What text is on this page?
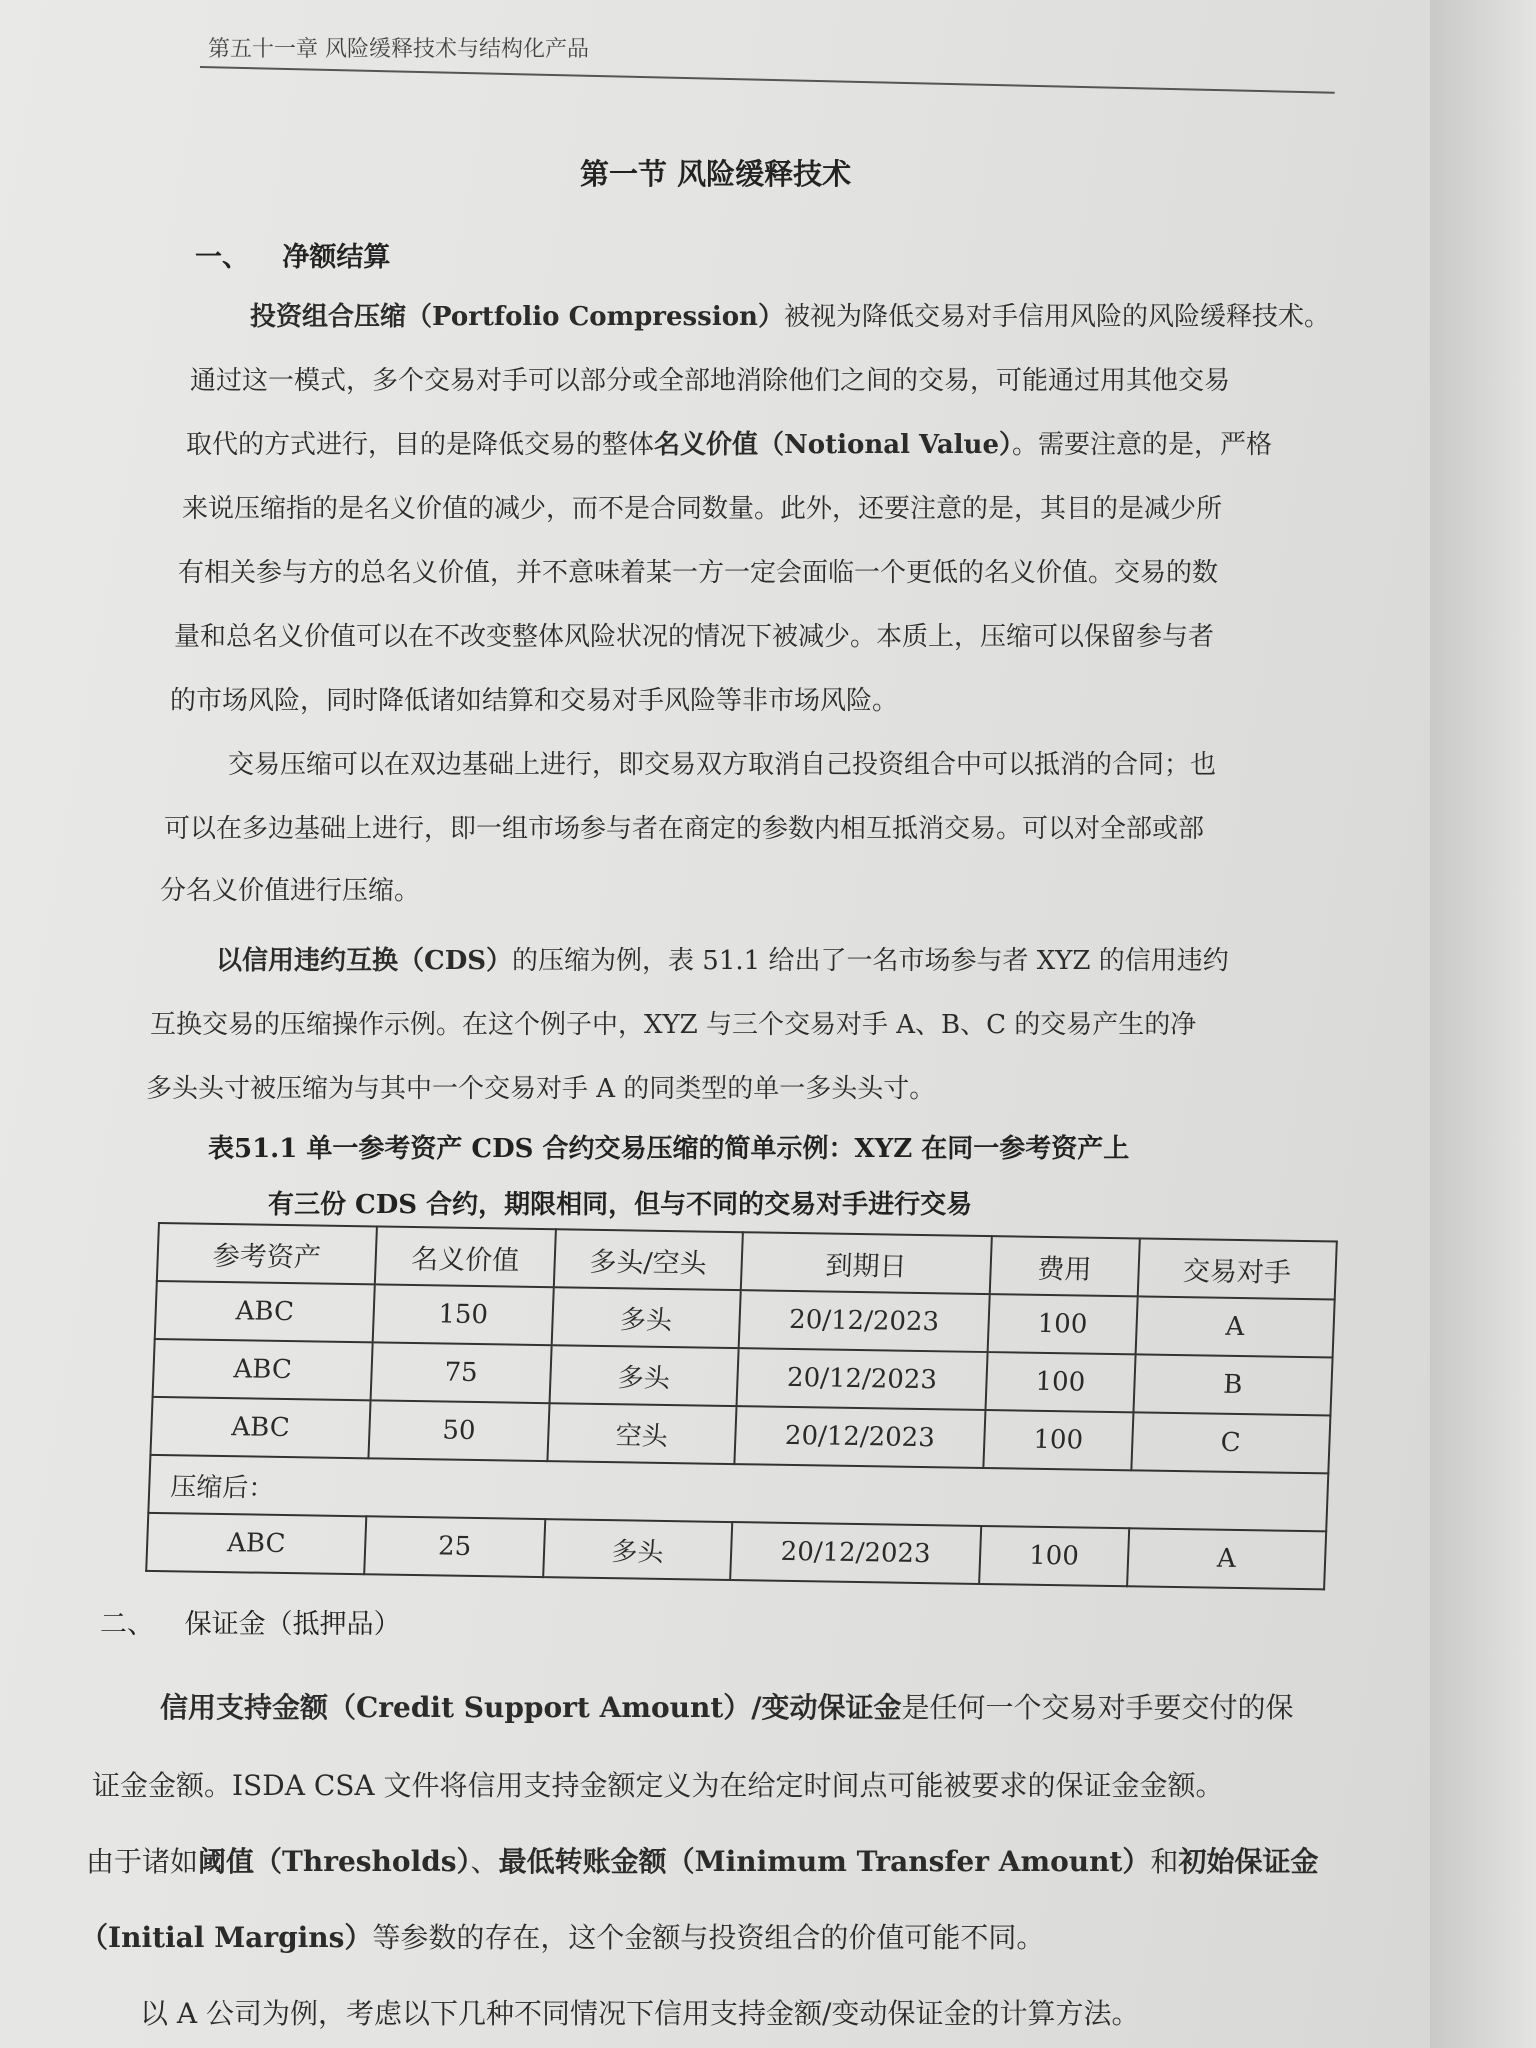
第五十一章 风险缓释技术与结构化产品
第一节 风险缓释技术
一、 净额结算
投资组合压缩（Portfolio Compression）被视为降低交易对手信用风险的风险缓释技术。
通过这一模式，多个交易对手可以部分或全部地消除他们之间的交易，可能通过用其他交易
取代的方式进行，目的是降低交易的整体名义价值（Notional Value）。需要注意的是，严格
来说压缩指的是名义价值的减少，而不是合同数量。此外，还要注意的是，其目的是减少所
有相关参与方的总名义价值，并不意味着某一方一定会面临一个更低的名义价值。交易的数
量和总名义价值可以在不改变整体风险状况的情况下被减少。本质上，压缩可以保留参与者
的市场风险，同时降低诸如结算和交易对手风险等非市场风险。
交易压缩可以在双边基础上进行，即交易双方取消自己投资组合中可以抵消的合同；也
可以在多边基础上进行，即一组市场参与者在商定的参数内相互抵消交易。可以对全部或部
分名义价值进行压缩。
以信用违约互换（CDS）的压缩为例，表 51.1 给出了一名市场参与者 XYZ 的信用违约
互换交易的压缩操作示例。在这个例子中，XYZ 与三个交易对手 A、B、C 的交易产生的净
多头头寸被压缩为与其中一个交易对手 A 的同类型的单一多头头寸。
表51.1 单一参考资产 CDS 合约交易压缩的简单示例：XYZ 在同一参考资产上
有三份 CDS 合约，期限相同，但与不同的交易对手进行交易
参考资产	名义价值	多头/空头	到期日	费用	交易对手
ABC	150	多头	20/12/2023	100	A
ABC	75	多头	20/12/2023	100	B
ABC	50	空头	20/12/2023	100	C
压缩后：					
ABC	25	多头	20/12/2023	100	A
二、 保证金（抵押品）
信用支持金额（Credit Support Amount）/变动保证金是任何一个交易对手要交付的保
证金金额。ISDA CSA 文件将信用支持金额定义为在给定时间点可能被要求的保证金金额。
由于诸如阈值（Thresholds）、最低转账金额（Minimum Transfer Amount）和初始保证金
（Initial Margins）等参数的存在，这个金额与投资组合的价值可能不同。
以 A 公司为例，考虑以下几种不同情况下信用支持金额/变动保证金的计算方法。
